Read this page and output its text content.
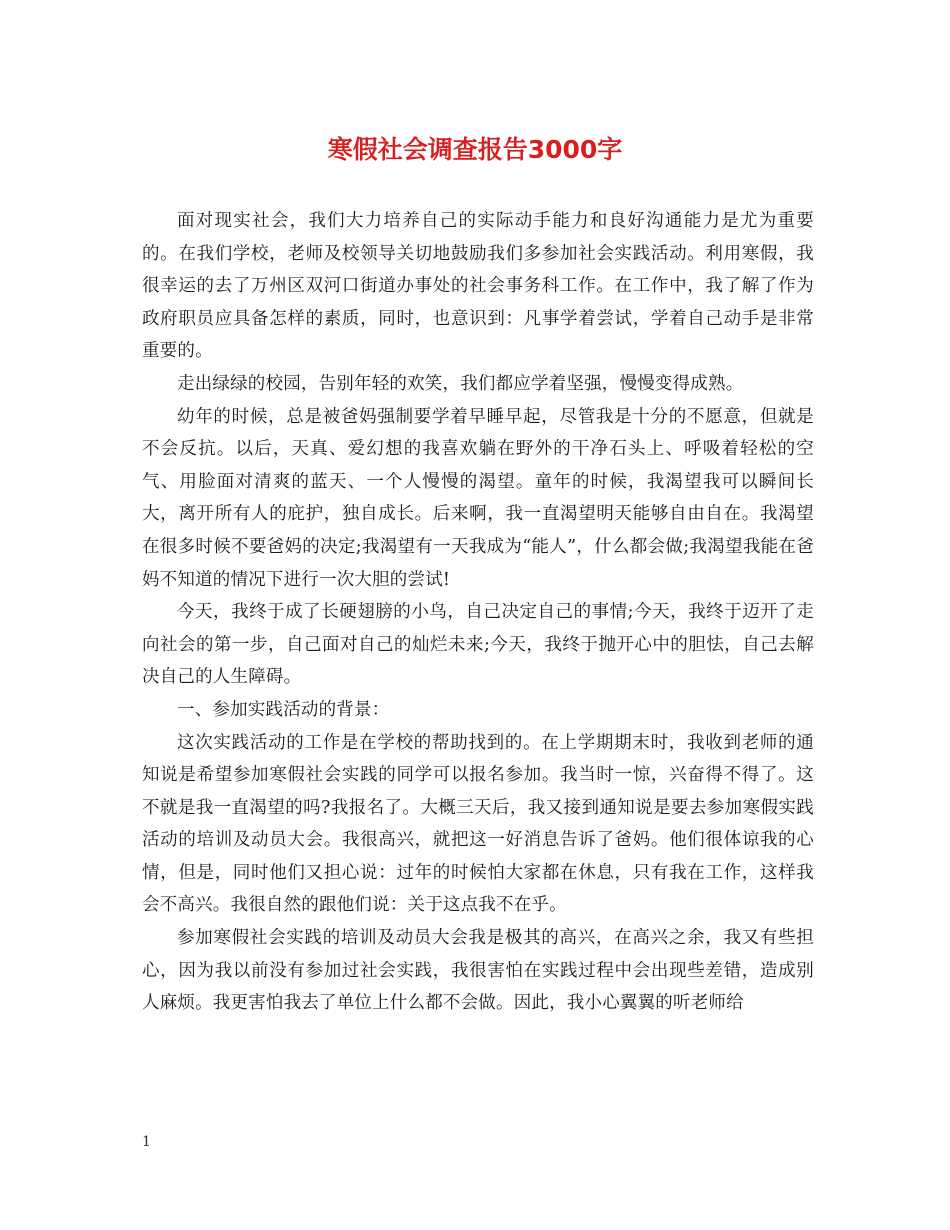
寒假社会调查报告3000字

面对现实社会，我们大力培养自己的实际动手能力和良好沟通能力是尤为重要的。在我们学校，老师及校领导关切地鼓励我们多参加社会实践活动。利用寒假，我很幸运的去了万州区双河口街道办事处的社会事务科工作。在工作中，我了解了作为政府职员应具备怎样的素质，同时，也意识到：凡事学着尝试，学着自己动手是非常重要的。

走出绿绿的校园，告别年轻的欢笑，我们都应学着坚强，慢慢变得成熟。

幼年的时候，总是被爸妈强制要学着早睡早起，尽管我是十分的不愿意，但就是不会反抗。以后，天真、爱幻想的我喜欢躺在野外的干净石头上、呼吸着轻松的空气、用脸面对清爽的蓝天、一个人慢慢的渴望。童年的时候，我渴望我可以瞬间长大，离开所有人的庇护，独自成长。后来啊，我一直渴望明天能够自由自在。我渴望在很多时候不要爸妈的决定;我渴望有一天我成为“能人”，什么都会做;我渴望我能在爸妈不知道的情况下进行一次大胆的尝试!

今天，我终于成了长硬翅膀的小鸟，自己决定自己的事情;今天，我终于迈开了走向社会的第一步，自己面对自己的灿烂未来;今天，我终于抛开心中的胆怯，自己去解决自己的人生障碍。

一、参加实践活动的背景：

这次实践活动的工作是在学校的帮助找到的。在上学期期末时，我收到老师的通知说是希望参加寒假社会实践的同学可以报名参加。我当时一惊，兴奋得不得了。这不就是我一直渴望的吗?我报名了。大概三天后，我又接到通知说是要去参加寒假实践活动的培训及动员大会。我很高兴，就把这一好消息告诉了爸妈。他们很体谅我的心情，但是，同时他们又担心说：过年的时候怕大家都在休息，只有我在工作，这样我会不高兴。我很自然的跟他们说：关于这点我不在乎。

参加寒假社会实践的培训及动员大会我是极其的高兴，在高兴之余，我又有些担心，因为我以前没有参加过社会实践，我很害怕在实践过程中会出现些差错，造成别人麻烦。我更害怕我去了单位上什么都不会做。因此，我小心翼翼的听老师给

1
